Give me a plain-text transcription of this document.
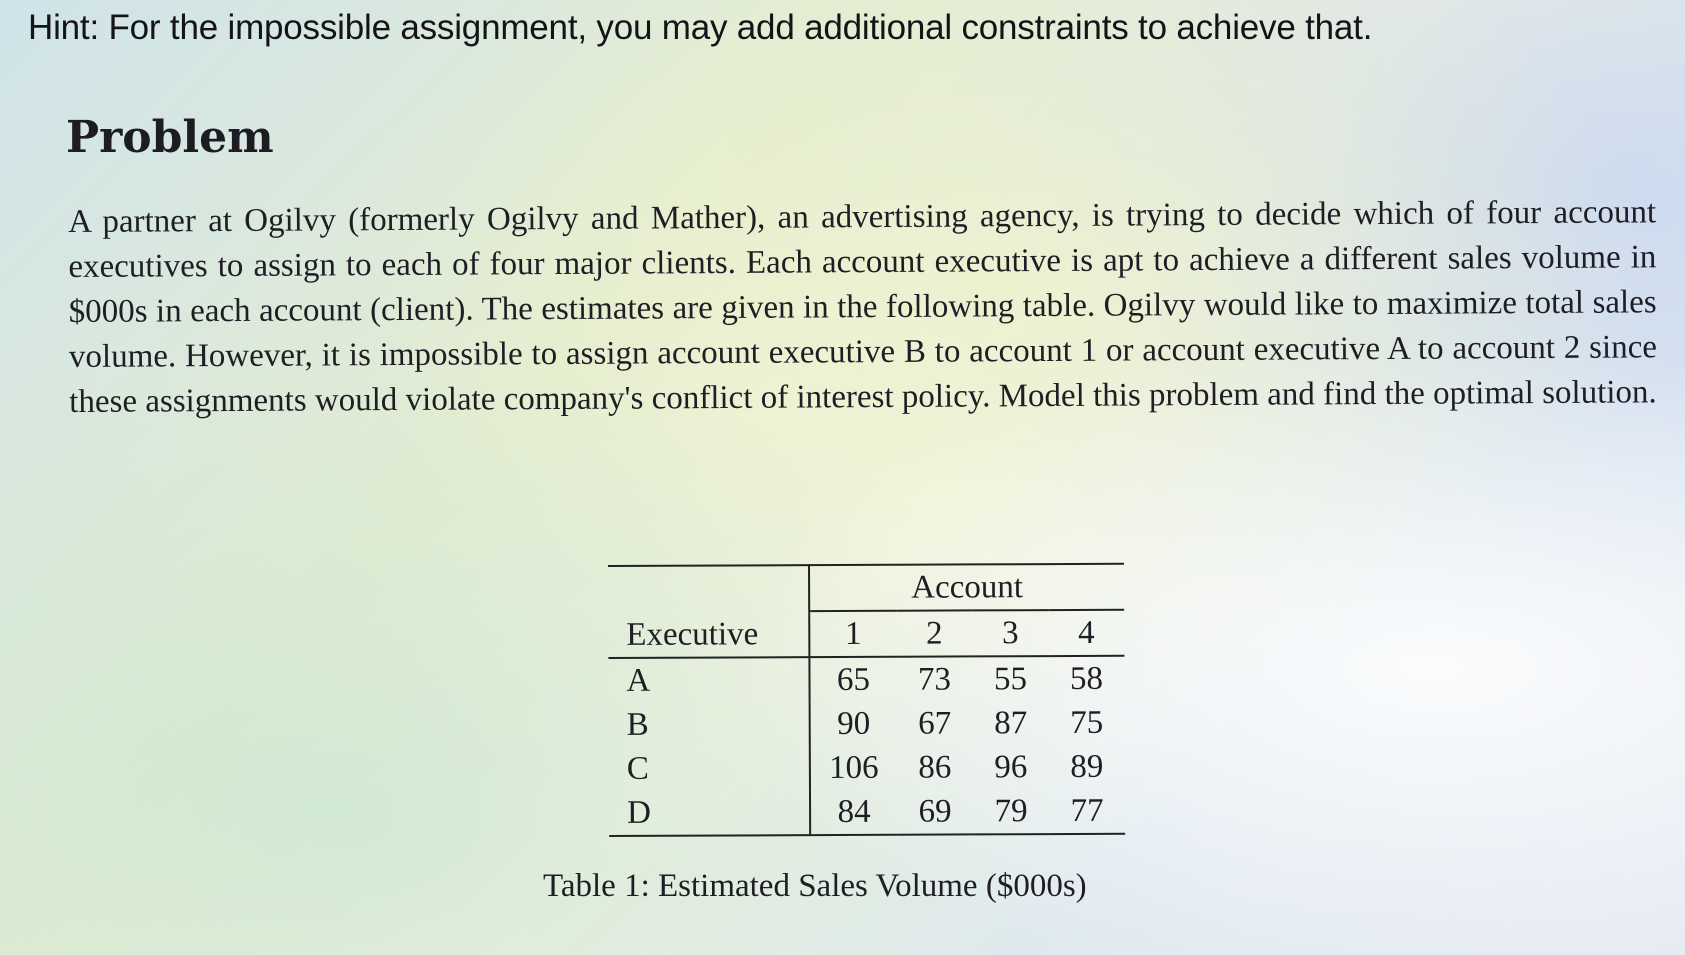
Hint: For the impossible assignment, you may add additional constraints to achieve that.
Problem
A partner at Ogilvy (formerly Ogilvy and Mather), an advertising agency, is trying to decide which of four account executives to assign to each of four major clients. Each account executive is apt to achieve a different sales volume in $000s in each account (client). The estimates are given in the following table. Ogilvy would like to maximize total sales volume. However, it is impossible to assign account executive B to account 1 or account executive A to account 2 since these assignments would violate company's conflict of interest policy. Model this problem and find the optimal solution.
	Account			
Executive	1	2	3	4
A	65	73	55	58
B	90	67	87	75
C	106	86	96	89
D	84	69	79	77
Table 1: Estimated Sales Volume ($000s)
